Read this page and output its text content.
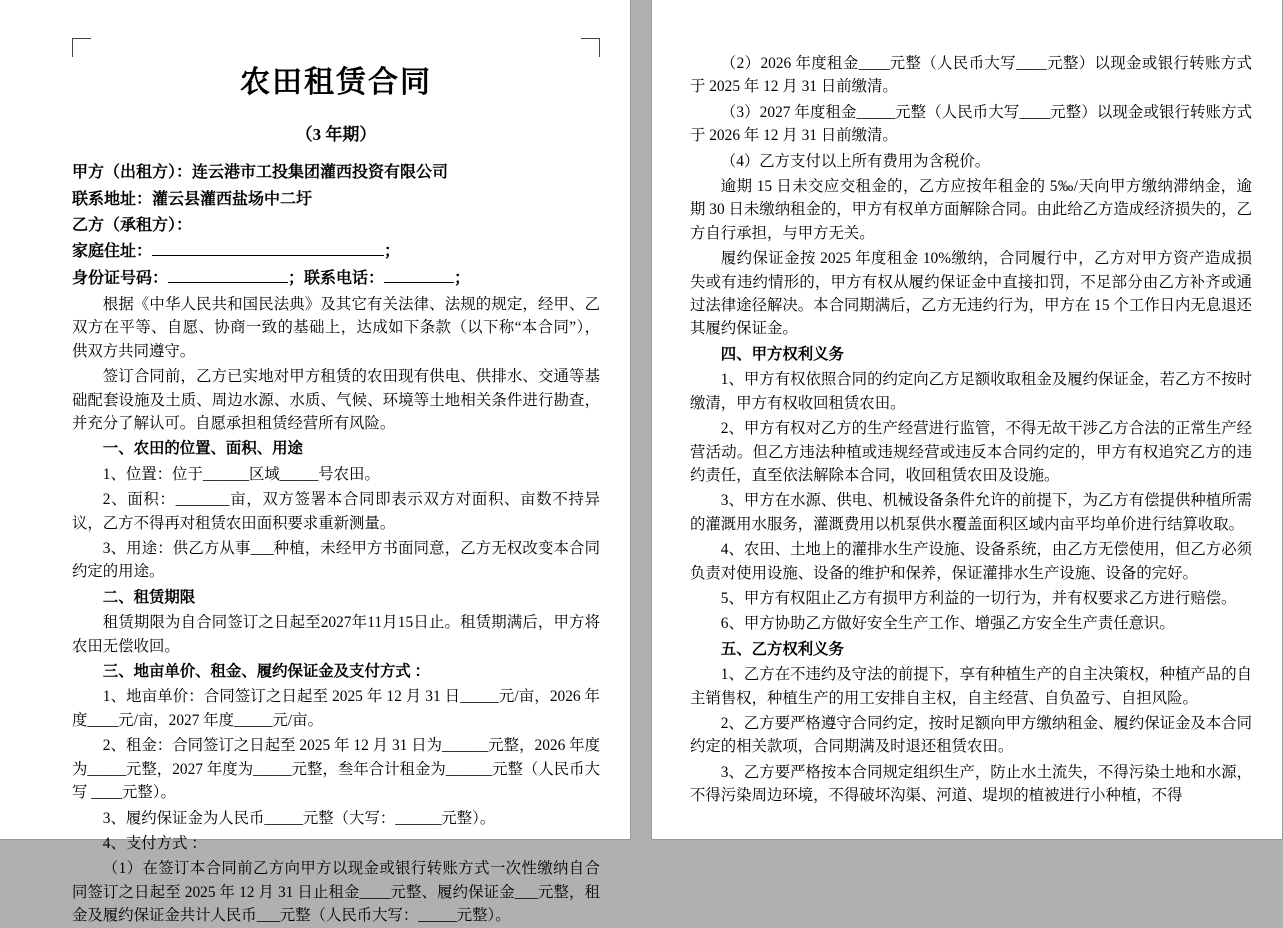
农田租赁合同
（3 年期）

甲方（出租方）：连云港市工投集团灌西投资有限公司

联系地址：灌云县灌西盐场中二圩

乙方（承租方）：

家庭住址：	；

身份证号码：	；联系电话：	；

根据《中华人民共和国民法典》及其它有关法律、法规的规定，经甲、乙双方在平等、自愿、协商一致的基础上，达成如下条款（以下称“本合同”），供双方共同遵守。

签订合同前，乙方已实地对甲方租赁的农田现有供电、供排水、交通等基础配套设施及土质、周边水源、水质、气候、环境等土地相关条件进行勘查，并充分了解认可。自愿承担租赁经营所有风险。

一、农田的位置、面积、用途

1、位置：位于______区域_____号农田。

2、面积：_______亩，双方签署本合同即表示双方对面积、亩数不持异议，乙方不得再对租赁农田面积要求重新测量。

3、用途：供乙方从事___种植，未经甲方书面同意，乙方无权改变本合同约定的用途。

二、租赁期限

租赁期限为自合同签订之日起至2027年11月15日止。租赁期满后，甲方将农田无偿收回。

三、地亩单价、租金、履约保证金及支付方式 ：

1、地亩单价：合同签订之日起至 2025 年 12 月 31 日_____元/亩，2026 年度____元/亩，2027 年度_____元/亩。

2、租金：合同签订之日起至 2025 年 12 月 31 日为______元整，2026 年度为_____元整，2027 年度为_____元整，叁年合计租金为______元整（人民币大写 ____元整）。

3、履约保证金为人民币_____元整（大写：______元整）。

4、支付方式 ：

（1）在签订本合同前乙方向甲方以现金或银行转账方式一次性缴纳自合同签订之日起至 2025 年 12 月 31 日止租金____元整、履约保证金___元整，租金及履约保证金共计人民币___元整（人民币大写：_____元整）。

（2）2026 年度租金____元整（人民币大写____元整）以现金或银行转账方式于 2025 年 12 月 31 日前缴清。

（3）2027 年度租金_____元整（人民币大写____元整）以现金或银行转账方式于 2026 年 12 月 31 日前缴清。

（4）乙方支付以上所有费用为含税价。

逾期 15 日未交应交租金的，乙方应按年租金的 5‰/天向甲方缴纳滞纳金，逾期 30 日未缴纳租金的，甲方有权单方面解除合同。由此给乙方造成经济损失的，乙方自行承担，与甲方无关。

履约保证金按 2025 年度租金 10%缴纳，合同履行中，乙方对甲方资产造成损失或有违约情形的，甲方有权从履约保证金中直接扣罚，不足部分由乙方补齐或通过法律途径解决。本合同期满后，乙方无违约行为，甲方在 15 个工作日内无息退还其履约保证金。

四、甲方权利义务

1、甲方有权依照合同的约定向乙方足额收取租金及履约保证金，若乙方不按时缴清，甲方有权收回租赁农田。

2、甲方有权对乙方的生产经营进行监管，不得无故干涉乙方合法的正常生产经营活动。但乙方违法种植或违规经营或违反本合同约定的，甲方有权追究乙方的违约责任，直至依法解除本合同，收回租赁农田及设施。

3、甲方在水源、供电、机械设备条件允许的前提下，为乙方有偿提供种植所需的灌溉用水服务，灌溉费用以机泵供水覆盖面积区域内亩平均单价进行结算收取。

4、农田、土地上的灌排水生产设施、设备系统，由乙方无偿使用，但乙方必须负责对使用设施、设备的维护和保养，保证灌排水生产设施、设备的完好。

5、甲方有权阻止乙方有损甲方利益的一切行为，并有权要求乙方进行赔偿。

6、甲方协助乙方做好安全生产工作、增强乙方安全生产责任意识。

五、乙方权利义务

1、乙方在不违约及守法的前提下，享有种植生产的自主决策权，种植产品的自主销售权，种植生产的用工安排自主权，自主经营、自负盈亏、自担风险。

2、乙方要严格遵守合同约定，按时足额向甲方缴纳租金、履约保证金及本合同约定的相关款项，合同期满及时退还租赁农田。

3、乙方要严格按本合同规定组织生产，防止水土流失，不得污染土地和水源，不得污染周边环境，不得破坏沟渠、河道、堤坝的植被进行小种植，不得
